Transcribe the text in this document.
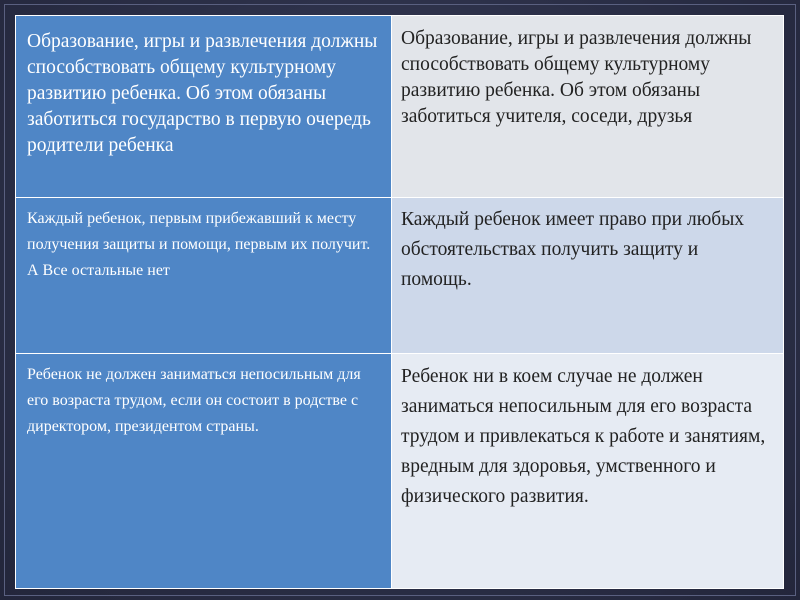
Образование, игры и развлечения должны способствовать общему культурному развитию ребенка. Об этом обязаны заботиться государство в первую очередь родители ребенка	Образование, игры и развлечения должны способствовать общему культурному развитию ребенка. Об этом обязаны заботиться учителя, соседи, друзья
Каждый ребенок, первым прибежавший к месту получения защиты и помощи, первым их получит. А Все остальные нет	Каждый ребенок имеет право при любых обстоятельствах получить защиту и помощь.
Ребенок не должен заниматься непосильным для его возраста трудом, если он состоит в родстве с директором, президентом страны.	Ребенок ни в коем случае не должен заниматься непосильным для его возраста трудом и привлекаться к работе и занятиям, вредным для здоровья, умственного и физического развития.
